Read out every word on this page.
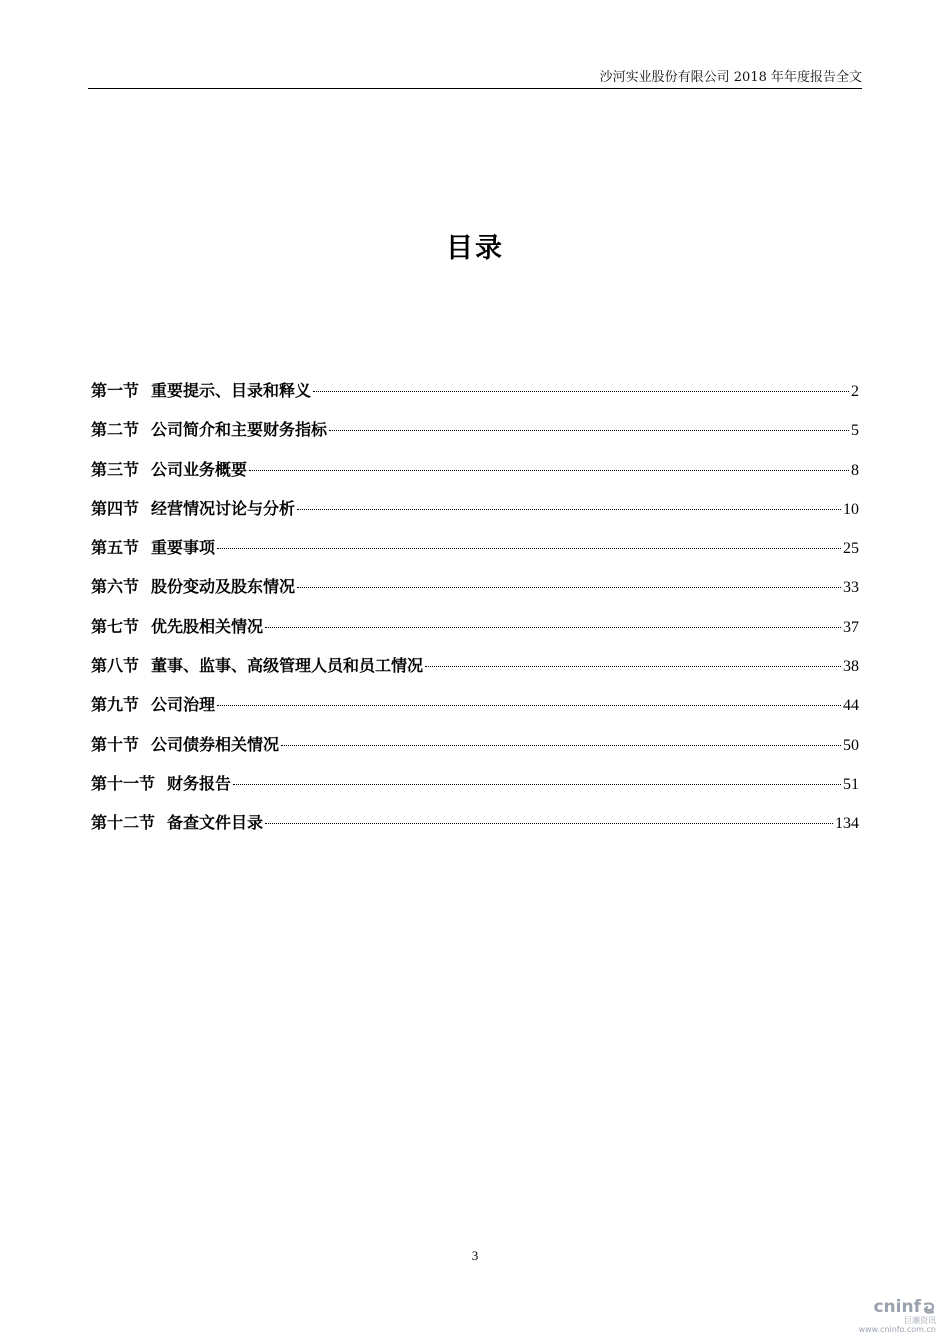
沙河实业股份有限公司 2018 年年度报告全文
目录
第一节 重要提示、目录和释义	2
第二节 公司简介和主要财务指标	5
第三节 公司业务概要	8
第四节 经营情况讨论与分析	10
第五节 重要事项	25
第六节 股份变动及股东情况	33
第七节 优先股相关情况	37
第八节 董事、监事、高级管理人员和员工情况	38
第九节 公司治理	44
第十节 公司债券相关情况	50
第十一节 财务报告	51
第十二节 备查文件目录	134
3
cninf
巨潮资讯
www.cninfo.com.cn
